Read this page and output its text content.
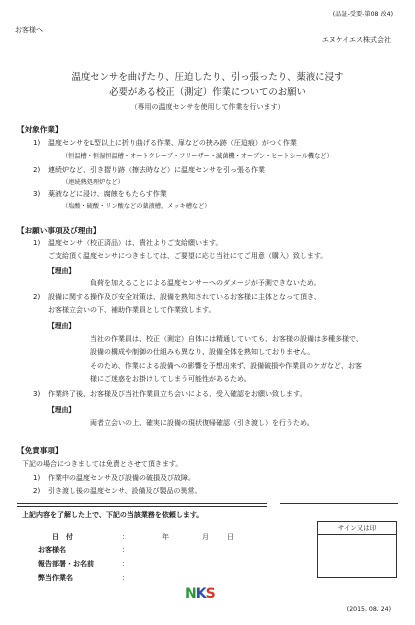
(品証-受要-第08 改4)
お客様へ
エヌケイエス株式会社
温度センサを曲げたり、圧迫したり、引っ張ったり、薬液に浸す
必要がある校正（測定）作業についてのお願い
（専用の温度センサを使用して作業を行います）
【対象作業】
1) 温度センサをL型以上に折り曲げる作業、扉などの挟み跡（圧迫痕）がつく作業
（恒温槽・恒湿恒温槽・オートクレーブ・フリーザー・滅菌機・オーブン・ヒートシール機など）
2) 連続炉など、引き摺り跡（擦去時など）に温度センサを引っ張る作業
（連続熱処理炉など）
3) 薬液などに浸け、腐蝕をもたらす作業
（塩酸・硫酸・リン酸などの薬液槽、メッキ槽など）
【お願い事項及び理由】
1) 温度センサ（校正済品）は、貴社よりご支給願います。
ご支給頂く温度センサにつきましては、ご要望に応じ当社にてご用意（購入）致します。
【理由】
負荷を加えることによる温度センサーへのダメージが予測できないため。
2) 設備に関する操作及び安全対策は、設備を熟知されているお客様に主体となって頂き、
お客様立会いの下、補助作業員として作業致します。
【理由】
当社の作業員は、校正（測定）自体には精通していても、お客様の設備は多種多様で、
設備の構成や制御の仕組みも異なり、設備全体を熟知しておりません。
そのため、作業による設備への影響を予想出来ず、設備破損や作業員のケガなど、お客
様にご迷惑をお掛けしてしまう可能性があるため。
3) 作業終了後、お客様及び当社作業員立ち会いによる、受入確認をお願い致します。
【理由】
両者立会いの上、確実に設備の現状復帰確認（引き渡し）を行うため。
【免責事項】
下記の場合につきましては免責とさせて頂きます。
1) 作業中の温度センサ及び設備の破損及び故障。
2) 引き渡し後の温度センサ、設備及び製品の異常。
上記内容を了解した上で、下記の当該業務を依頼します。
日　付	：	年	月	日
お客様名	：
報告部署・お名前	：
弊当作業名	：
サイン又は印
NKS
(2015. 08. 24)
